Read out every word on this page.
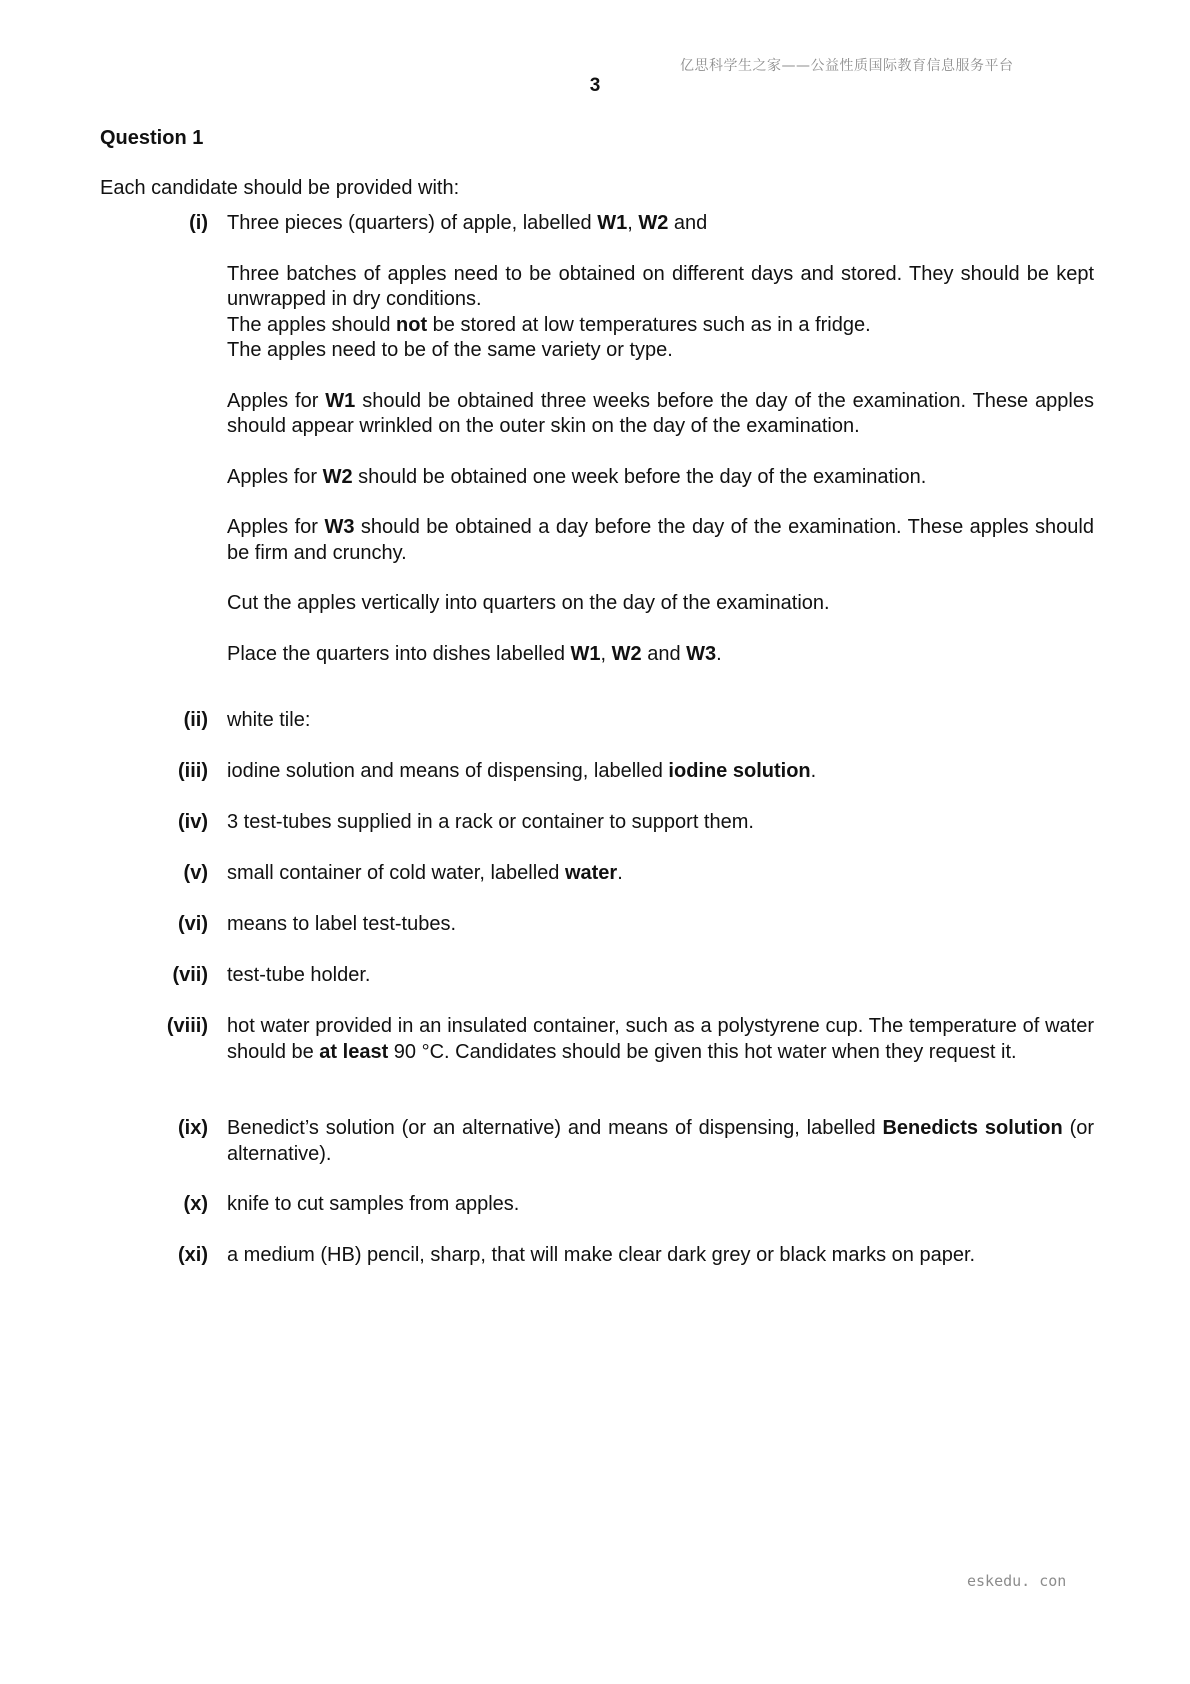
亿思科学生之家——公益性质国际教育信息服务平台
3
Question 1
Each candidate should be provided with:
(i) Three pieces (quarters) of apple, labelled W1, W2 and
Three batches of apples need to be obtained on different days and stored. They should be kept unwrapped in dry conditions.
The apples should not be stored at low temperatures such as in a fridge.
The apples need to be of the same variety or type.
Apples for W1 should be obtained three weeks before the day of the examination. These apples should appear wrinkled on the outer skin on the day of the examination.
Apples for W2 should be obtained one week before the day of the examination.
Apples for W3 should be obtained a day before the day of the examination. These apples should be firm and crunchy.
Cut the apples vertically into quarters on the day of the examination.
Place the quarters into dishes labelled W1, W2 and W3.
(ii) white tile:
(iii) iodine solution and means of dispensing, labelled iodine solution.
(iv) 3 test-tubes supplied in a rack or container to support them.
(v) small container of cold water, labelled water.
(vi) means to label test-tubes.
(vii) test-tube holder.
(viii) hot water provided in an insulated container, such as a polystyrene cup. The temperature of water should be at least 90 °C. Candidates should be given this hot water when they request it.
(ix) Benedict’s solution (or an alternative) and means of dispensing, labelled Benedicts solution (or alternative).
(x) knife to cut samples from apples.
(xi) a medium (HB) pencil, sharp, that will make clear dark grey or black marks on paper.
eskedu. con
